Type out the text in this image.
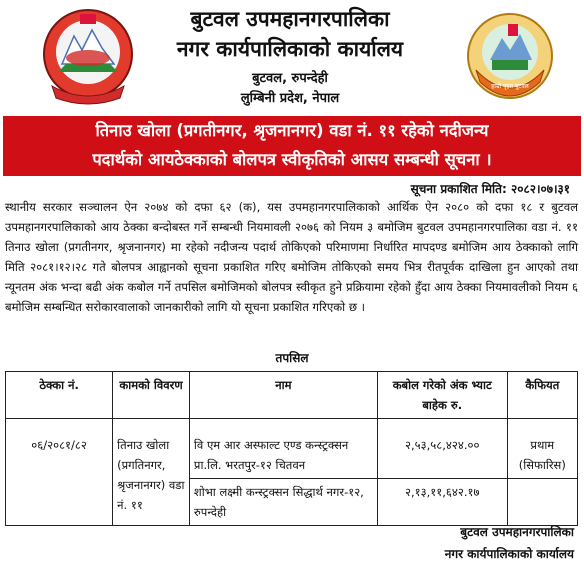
बुटवल उपमहानगरपालिका
नगर कार्यपालिकाको कार्यालय
बुटवल, रुपन्देही
लुम्बिनी प्रदेश, नेपाल
हाम्रो वृहत बुटवल
तिनाउ खोला (प्रगतीनगर, श्रृजनानगर) वडा नं. ११ रहेको नदीजन्य
पदार्थको आयठेक्काको बोलपत्र स्वीकृतिको आसय सम्बन्धी सूचना ।
सूचना प्रकाशित मिति: २०८२।०७।३१
स्थानीय सरकार सञ्चालन ऐन २०७४ को दफा ६२ (क), यस उपमहानगरपालिकाको आर्थिक ऐन २०८० को दफा १८ र बुटवल उपमहानगरपालिकाको आय ठेक्का बन्दोबस्त गर्ने सम्बन्धी नियमावली २०७६ को नियम ३ बमोजिम बुटवल उपमहानगरपालिका वडा नं. ११ तिनाउ खोला (प्रगतीनगर, श्रृजनानगर) मा रहेको नदीजन्य पदार्थ तोकिएको परिमाणमा निर्धारित मापदण्ड बमोजिम आय ठेक्काको लागि मिति २०८१।१२।२८ गते बोलपत्र आह्वानको सूचना प्रकाशित गरिए बमोजिम तोकिएको समय भित्र रीतपूर्वक दाखिला हुन आएको तथा न्यूनतम अंक भन्दा बढी अंक कबोल गर्ने तपसिल बमोजिमको बोलपत्र स्वीकृत हुने प्रक्रियामा रहेको हुँदा आय ठेक्का नियमावलीको नियम ६ बमोजिम सम्बन्धित सरोकारवालाको जानकारीको लागि यो सूचना प्रकाशित गरिएको छ ।
तपसिल
ठेक्का नं.	कामको विवरण	नाम	कबोल गरेको अंक भ्याट बाहेक रु.	कैफियत
०६/२०८१/८२	तिनाउ खोला (प्रगतिनगर, श्रृजनानगर) वडा नं. ११	वि एम आर अस्फाल्ट एण्ड कन्स्ट्रक्सन प्रा.लि. भरतपुर-१२ चितवन	२,५३,५८,४२४.००	प्रथाम (सिफारिस)
		शोभा लक्ष्मी कन्स्ट्रक्सन सिद्धार्थ नगर-१२, रुपन्देही	२,१३,११,६४२.१७	
बुटवल उपमहानगरपालिका
नगर कार्यपालिकाको कार्यालय
